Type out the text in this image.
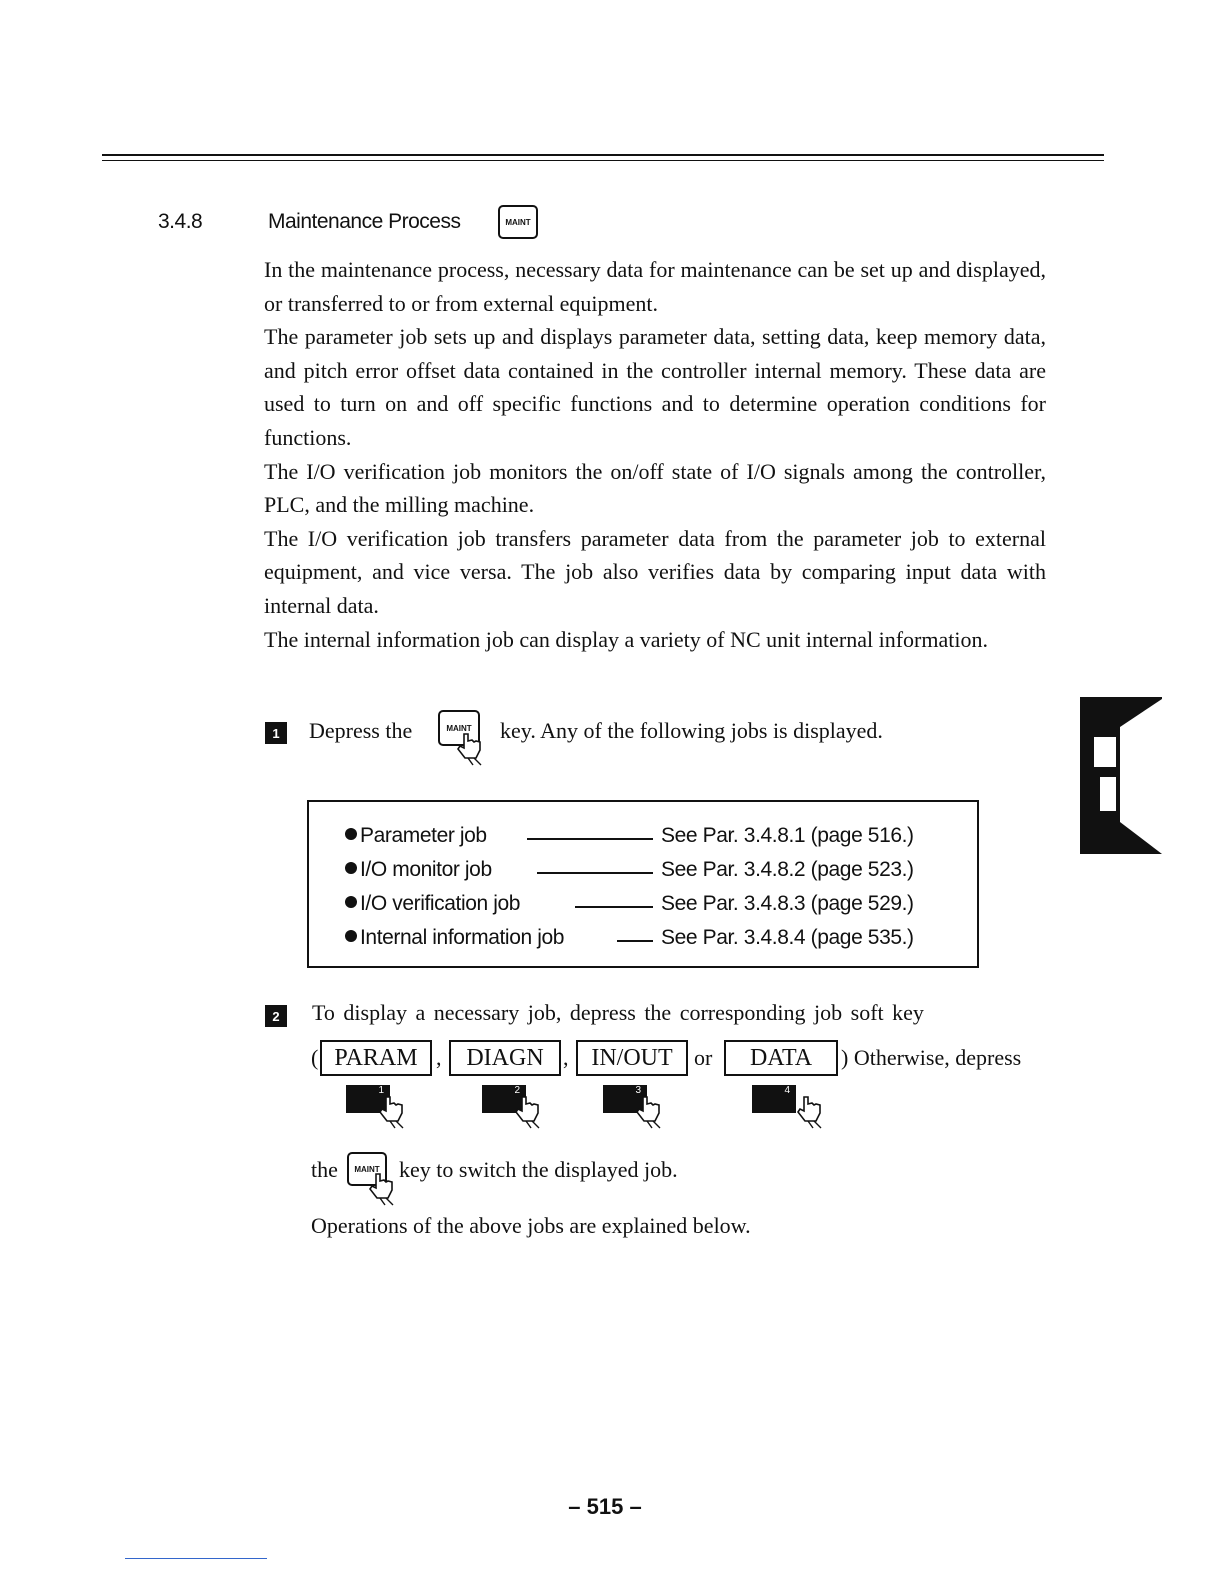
3.4.8	Maintenance Process	MAINT

In the maintenance process, necessary data for maintenance can be set up and displayed, or transferred to or from external equipment.

The parameter job sets up and displays parameter data, setting data, keep memory data, and pitch error offset data contained in the controller internal memory. These data are used to turn on and off specific functions and to determine operation conditions for functions.

The I/O verification job monitors the on/off state of I/O signals among the controller, PLC, and the milling machine.

The I/O verification job transfers parameter data from the parameter job to external equipment, and vice versa. The job also verifies data by comparing input data with internal data.

The internal information job can display a variety of NC unit internal information.

1	Depress the	MAINT key. Any of the following jobs is displayed.
Parameter job	See Par. 3.4.8.1 (page 516.)
I/O monitor job	See Par. 3.4.8.2 (page 523.)
I/O verification job	See Par. 3.4.8.3 (page 529.)
Internal information job	See Par. 3.4.8.4 (page 535.)
2	To display a necessary job, depress the corresponding job soft key
( PARAM , DIAGN , IN/OUT or DATA ) Otherwise, depress
1	2	3	4
the MAINT key to switch the displayed job.
Operations of the above jobs are explained below.
– 515 –
